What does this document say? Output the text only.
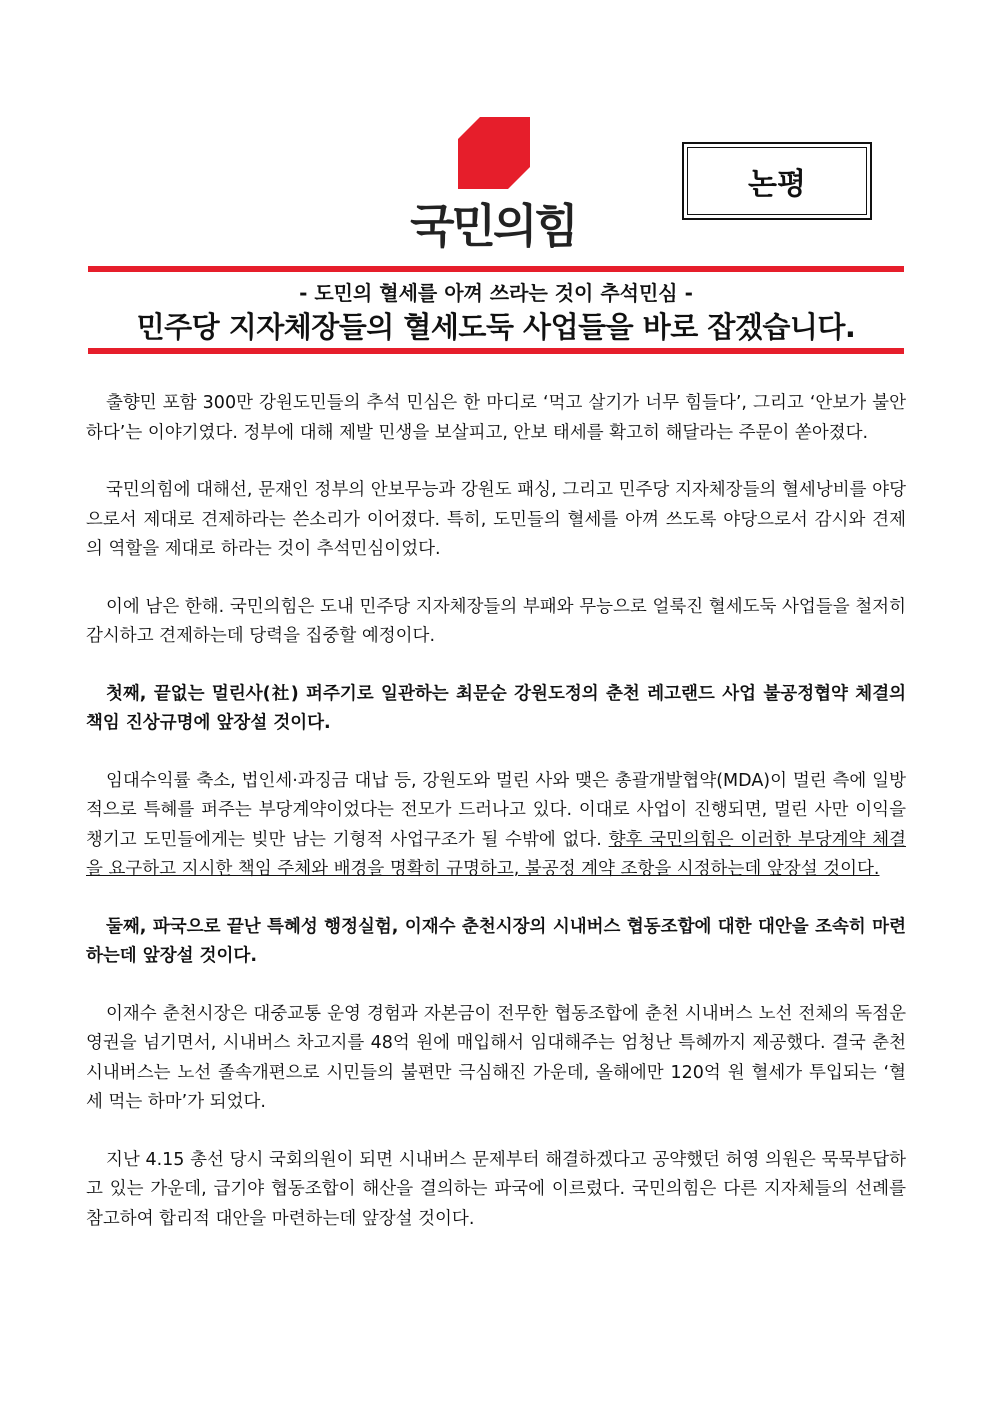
국민의힘
논평
- 도민의 혈세를 아껴 쓰라는 것이 추석민심 -
민주당 지자체장들의 혈세도둑 사업들을 바로 잡겠습니다.

출향민 포함 300만 강원도민들의 추석 민심은 한 마디로 ‘먹고 살기가 너무 힘들다’, 그리고 ‘안보가 불안하다’는 이야기였다. 정부에 대해 제발 민생을 보살피고, 안보 태세를 확고히 해달라는 주문이 쏟아졌다.

국민의힘에 대해선, 문재인 정부의 안보무능과 강원도 패싱, 그리고 민주당 지자체장들의 혈세낭비를 야당으로서 제대로 견제하라는 쓴소리가 이어졌다. 특히, 도민들의 혈세를 아껴 쓰도록 야당으로서 감시와 견제의 역할을 제대로 하라는 것이 추석민심이었다.

이에 남은 한해. 국민의힘은 도내 민주당 지자체장들의 부패와 무능으로 얼룩진 혈세도둑 사업들을 철저히 감시하고 견제하는데 당력을 집중할 예정이다.

첫째, 끝없는 멀린사(社) 퍼주기로 일관하는 최문순 강원도정의 춘천 레고랜드 사업 불공정협약 체결의 책임 진상규명에 앞장설 것이다.

임대수익률 축소, 법인세·과징금 대납 등, 강원도와 멀린 사와 맺은 총괄개발협약(MDA)이 멀린 측에 일방적으로 특혜를 퍼주는 부당계약이었다는 전모가 드러나고 있다. 이대로 사업이 진행되면, 멀린 사만 이익을 챙기고 도민들에게는 빚만 남는 기형적 사업구조가 될 수밖에 없다. 향후 국민의힘은 이러한 부당계약 체결을 요구하고 지시한 책임 주체와 배경을 명확히 규명하고, 불공정 계약 조항을 시정하는데 앞장설 것이다.

둘째, 파국으로 끝난 특혜성 행정실험, 이재수 춘천시장의 시내버스 협동조합에 대한 대안을 조속히 마련하는데 앞장설 것이다.

이재수 춘천시장은 대중교통 운영 경험과 자본금이 전무한 협동조합에 춘천 시내버스 노선 전체의 독점운영권을 넘기면서, 시내버스 차고지를 48억 원에 매입해서 임대해주는 엄청난 특혜까지 제공했다. 결국 춘천 시내버스는 노선 졸속개편으로 시민들의 불편만 극심해진 가운데, 올해에만 120억 원 혈세가 투입되는 ‘혈세 먹는 하마’가 되었다.

지난 4.15 총선 당시 국회의원이 되면 시내버스 문제부터 해결하겠다고 공약했던 허영 의원은 묵묵부답하고 있는 가운데, 급기야 협동조합이 해산을 결의하는 파국에 이르렀다. 국민의힘은 다른 지자체들의 선례를 참고하여 합리적 대안을 마련하는데 앞장설 것이다.
